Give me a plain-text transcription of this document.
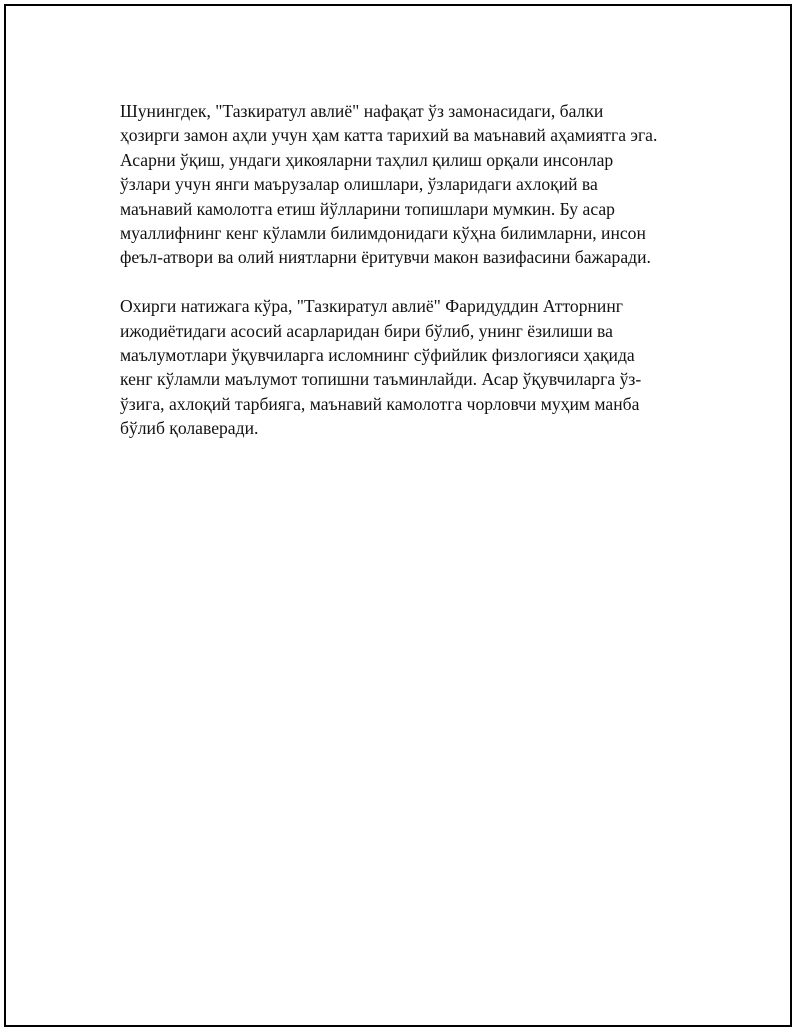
Шунингдек, "Тазкиратул авлиё" нафақат ўз замонасидаги, балки
ҳозирги замон аҳли учун ҳам катта тарихий ва маънавий аҳамиятга эга.
Асарни ўқиш, ундаги ҳикояларни таҳлил қилиш орқали инсонлар
ўзлари учун янги маърузалар олишлари, ўзларидаги ахлоқий ва
маънавий камолотга етиш йўлларини топишлари мумкин. Бу асар
муаллифнинг кенг кўламли билимдонидаги кўҳна билимларни, инсон
феъл-атвори ва олий ниятларни ёритувчи макон вазифасини бажаради.

Охирги натижага кўра, "Тазкиратул авлиё" Фаридуддин Атторнинг
ижодиётидаги асосий асарларидан бири бўлиб, унинг ёзилиши ва
маълумотлари ўқувчиларга исломнинг сўфийлик физлогияси ҳақида
кенг кўламли маълумот топишни таъминлайди. Асар ўқувчиларга ўз-
ўзига, ахлоқий тарбияга, маънавий камолотга чорловчи муҳим манба
бўлиб қолаверади.
